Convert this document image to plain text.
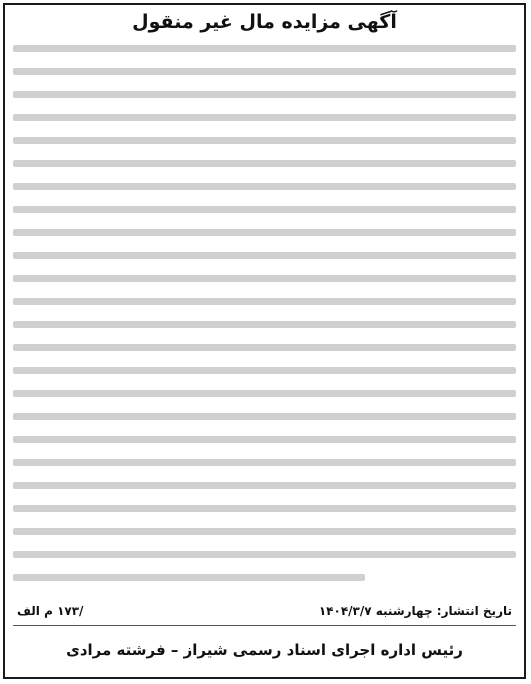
آگهی مزایده مال غیر منقول
تاریخ انتشار: چهارشنبه ۱۴۰۴/۳/۷
/۱۷۳ م الف
رئیس اداره اجرای اسناد رسمی شیراز – فرشته مرادی
